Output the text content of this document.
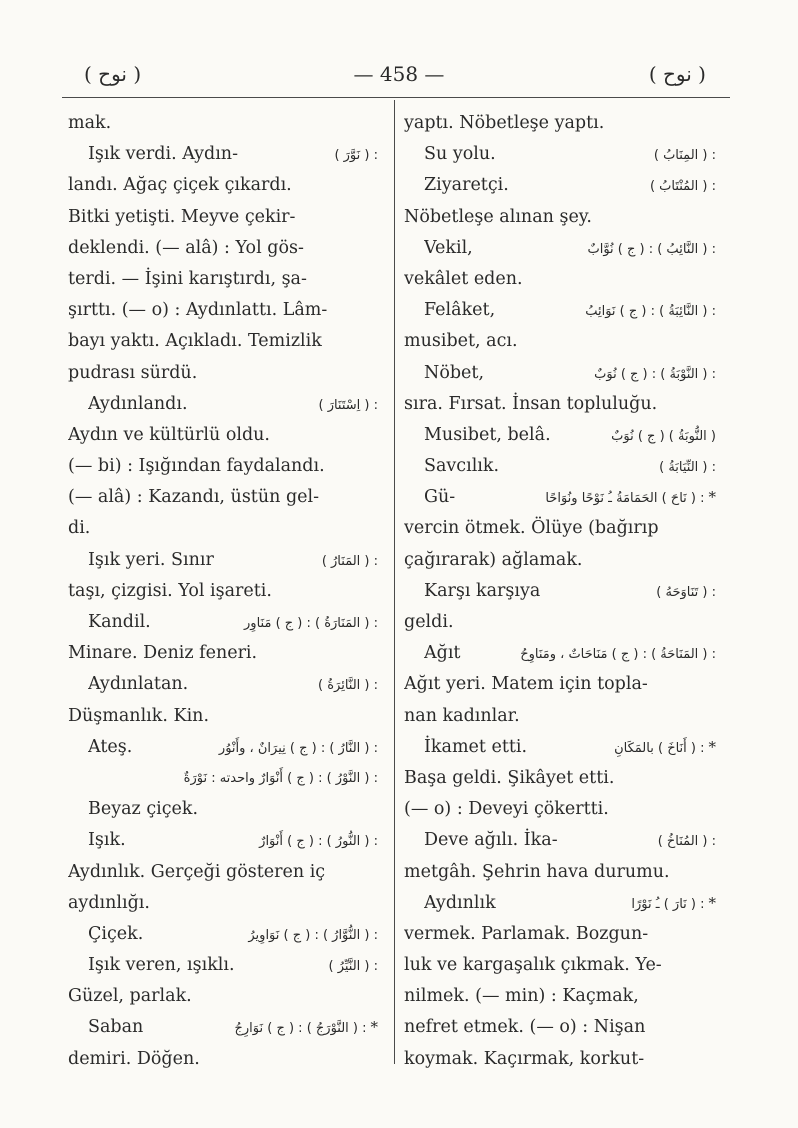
( نوح )	— 458 —	( نوح )
mak.
Işık verdi. Aydın-	: ( نَوَّرَ )
landı. Ağaç çiçek çıkardı.
Bitki yetişti. Meyve çekir-
deklendi. (— alâ) : Yol gös-
terdi. — İşini karıştırdı, şa-
şırttı. (— o) : Aydınlattı. Lâm-
bayı yaktı. Açıkladı. Temizlik
pudrası sürdü.
Aydınlandı.	: ( اِسْتَنَارَ )
Aydın ve kültürlü oldu.
(— bi) : Işığından faydalandı.
(— alâ) : Kazandı, üstün gel-
di.
Işık yeri. Sınır	: ( المَنَارُ )
taşı, çizgisi. Yol işareti.
Kandil.	: ( المَنَارَةُ ) : ( ج ) مَنَاوِر
Minare. Deniz feneri.
Aydınlatan.	: ( النَّائِرَةُ )
Düşmanlık. Kin.
Ateş.	: ( النَّارُ ) : ( ج ) نِيرَانٌ ، وأَنْوُر
: ( النَّوْرُ ) : ( ج ) أَنْوَارٌ واحدته : نَوْرَةٌ
Beyaz çiçek.
Işık.	: ( النُّورُ ) : ( ج ) أَنْوَارٌ
Aydınlık. Gerçeği gösteren iç
aydınlığı.
Çiçek.	: ( النُّوَّارُ ) : ( ج ) نَوَاوِيرُ
Işık veren, ışıklı.	: ( النَّيِّرُ )
Güzel, parlak.
Saban	: ( النَّوْرَجُ ) : ( ج ) نَوَارِجُ *
demiri. Döğen.
yaptı. Nöbetleşe yaptı.
Su yolu.	: ( المِنَابُ )
Ziyaretçi.	: ( المُنْتَابُ )
Nöbetleşe alınan şey.
Vekil,	: ( النَّائِبُ ) : ( ج ) نُوَّابٌ
vekâlet eden.
Felâket,	: ( النَّائِبَةُ ) : ( ج ) نَوَائِبُ
musibet, acı.
Nöbet,	: ( النَّوْبَةُ ) : ( ج ) نُوَبٌ
sıra. Fırsat. İnsan topluluğu.
Musibet, belâ.	( النُّوبَةُ ) ( ج ) نُوَبٌ
Savcılık.	: ( النِّيَابَةُ )
Gü-	: ( نَاحَ ) الحَمَامَةُ ـُ نَوْحًا ونُوَاحًا *
vercin ötmek. Ölüye (bağırıp
çağırarak) ağlamak.
Karşı karşıya	: ( تَنَاوَحَهُ )
geldi.
Ağıt	: ( المَنَاحَةُ ) : ( ج ) مَنَاحَاتٌ ، ومَنَاوِحُ
Ağıt yeri. Matem için topla-
nan kadınlar.
İkamet etti.	: ( أَنَاخَ ) بالمَكَانِ *
Başa geldi. Şikâyet etti.
(— o) : Deveyi çökertti.
Deve ağılı. İka-	: ( المُنَاخُ )
metgâh. Şehrin hava durumu.
Aydınlık	: ( نَارَ ) ـُ نَوْرًا *
vermek. Parlamak. Bozgun-
luk ve kargaşalık çıkmak. Ye-
nilmek. (— min) : Kaçmak,
nefret etmek. (— o) : Nişan
koymak. Kaçırmak, korkut-
